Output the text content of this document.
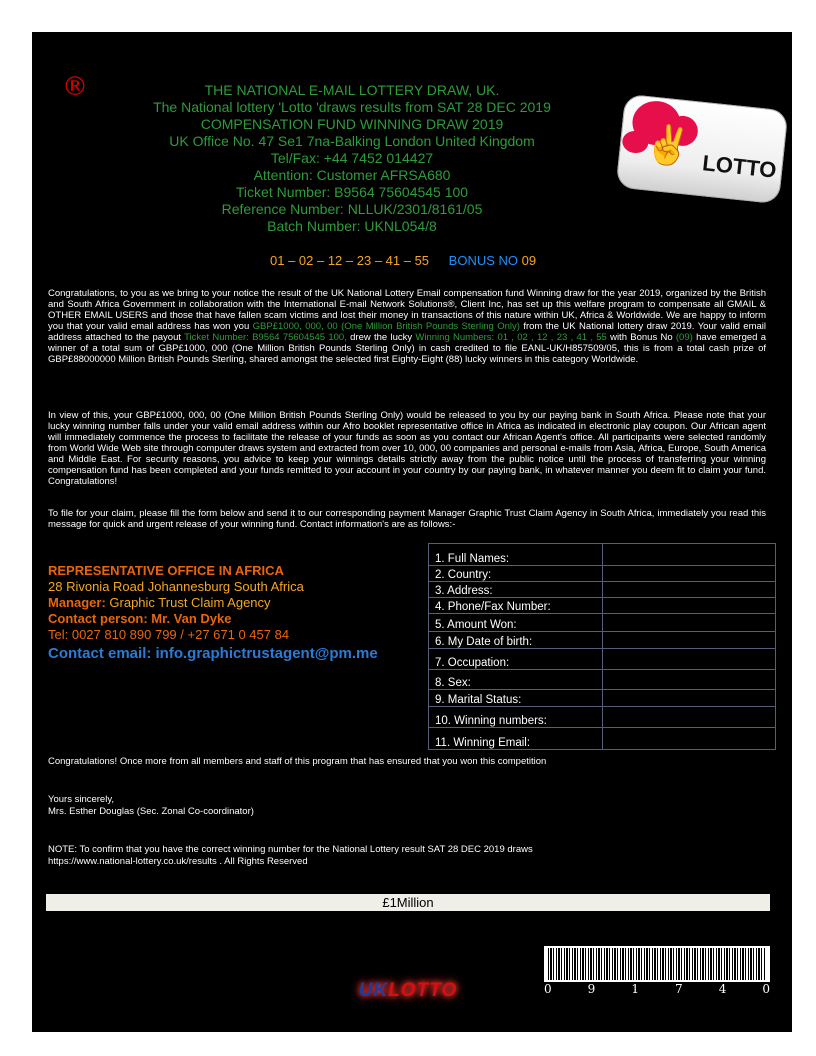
®	THE NATIONAL E-MAIL LOTTERY DRAW, UK.
The National lottery 'Lotto 'draws results from SAT 28 DEC 2019
COMPENSATION FUND WINNING DRAW 2019
UK Office No. 47 Se1 7na-Balking London United Kingdom
Tel/Fax: +44 7452 014427
Attention: Customer AFRSA680
Ticket Number: B9564 75604545 100
Reference Number: NLLUK/2301/8161/05
Batch Number: UKNL054/8
✌ LOTTO
01 – 02 – 12 – 23 – 41 – 55 BONUS NO 09
Congratulations, to you as we bring to your notice the result of the UK National Lottery Email compensation fund Winning draw for the year 2019, organized by the British and South Africa Government in collaboration with the International E-mail Network Solutions®, Client Inc, has set up this welfare program to compensate all GMAIL & OTHER EMAIL USERS and those that have fallen scam victims and lost their money in transactions of this nature within UK, Africa & Worldwide. We are happy to inform you that your valid email address has won you GBP£1000, 000, 00 (One Million British Pounds Sterling Only) from the UK National lottery draw 2019. Your valid email address attached to the payout Ticket Number: B9564 75604545 100, drew the lucky Winning Numbers: 01 , 02 , 12 , 23 , 41 , 55 with Bonus No (09) have emerged a winner of a total sum of GBP£1000, 000 (One Million British Pounds Sterling Only) in cash credited to file EANL-UK/H857509/05, this is from a total cash prize of GBP£88000000 Million British Pounds Sterling, shared amongst the selected first Eighty-Eight (88) lucky winners in this category Worldwide.
In view of this, your GBP£1000, 000, 00 (One Million British Pounds Sterling Only) would be released to you by our paying bank in South Africa. Please note that your lucky winning number falls under your valid email address within our Afro booklet representative office in Africa as indicated in electronic play coupon. Our African agent will immediately commence the process to facilitate the release of your funds as soon as you contact our African Agent's office. All participants were selected randomly from World Wide Web site through computer draws system and extracted from over 10, 000, 00 companies and personal e-mails from Asia, Africa, Europe, South America and Middle East. For security reasons, you advice to keep your winnings details strictly away from the public notice until the process of transferring your winning compensation fund has been completed and your funds remitted to your account in your country by our paying bank, in whatever manner you deem fit to claim your fund. Congratulations!
To file for your claim, please fill the form below and send it to our corresponding payment Manager Graphic Trust Claim Agency in South Africa, immediately you read this message for quick and urgent release of your winning fund. Contact information's are as follows:-
REPRESENTATIVE OFFICE IN AFRICA
28 Rivonia Road Johannesburg South Africa
Manager: Graphic Trust Claim Agency
Contact person: Mr. Van Dyke
Tel: 0027 810 890 799 / +27 671 0 457 84
Contact email: info.graphictrustagent@pm.me
1. Full Names:	
2. Country:	
3. Address:	
4. Phone/Fax Number:	
5. Amount Won:	
6. My Date of birth:	
7. Occupation:	
8. Sex:	
9. Marital Status:	
10. Winning numbers:	
11. Winning Email:	
Congratulations! Once more from all members and staff of this program that has ensured that you won this competition
Yours sincerely,
Mrs. Esther Douglas (Sec. Zonal Co-coordinator)
NOTE: To confirm that you have the correct winning number for the National Lottery result SAT 28 DEC 2019 draws
https://www.national-lottery.co.uk/results . All Rights Reserved
£1Million
UKLOTTO	0	9	1	7	4	0
